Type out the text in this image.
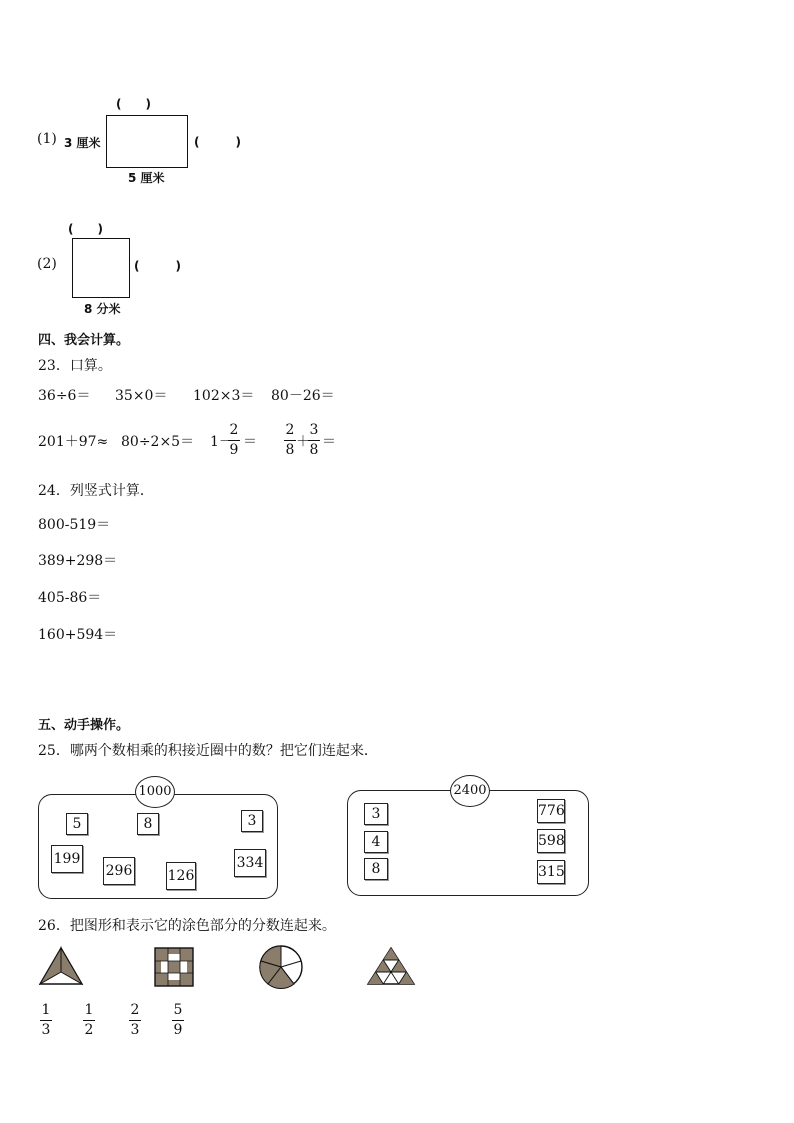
(1)
(　　)
3 厘米	(　　　)
5 厘米
(2)
(　　)
(　　　)
8 分米
四、我会计算。
23．口算。
36÷6＝ 35×0＝ 102×3＝ 80－26＝
201＋97≈ 80÷2×5＝ 1－
2
9 ＝
2
8 ＋
3
8 ＝
24．列竖式计算．
800-519＝
389+298＝
405-86＝
160+594＝
五、动手操作。
25．哪两个数相乘的积接近圈中的数？把它们连起来．
1000
5	8	3
199
296	126
334
2400
3
4
8
776
598
315
26．把图形和表示它的涂色部分的分数连起来。
1
3
1
2
2
3
5
9
